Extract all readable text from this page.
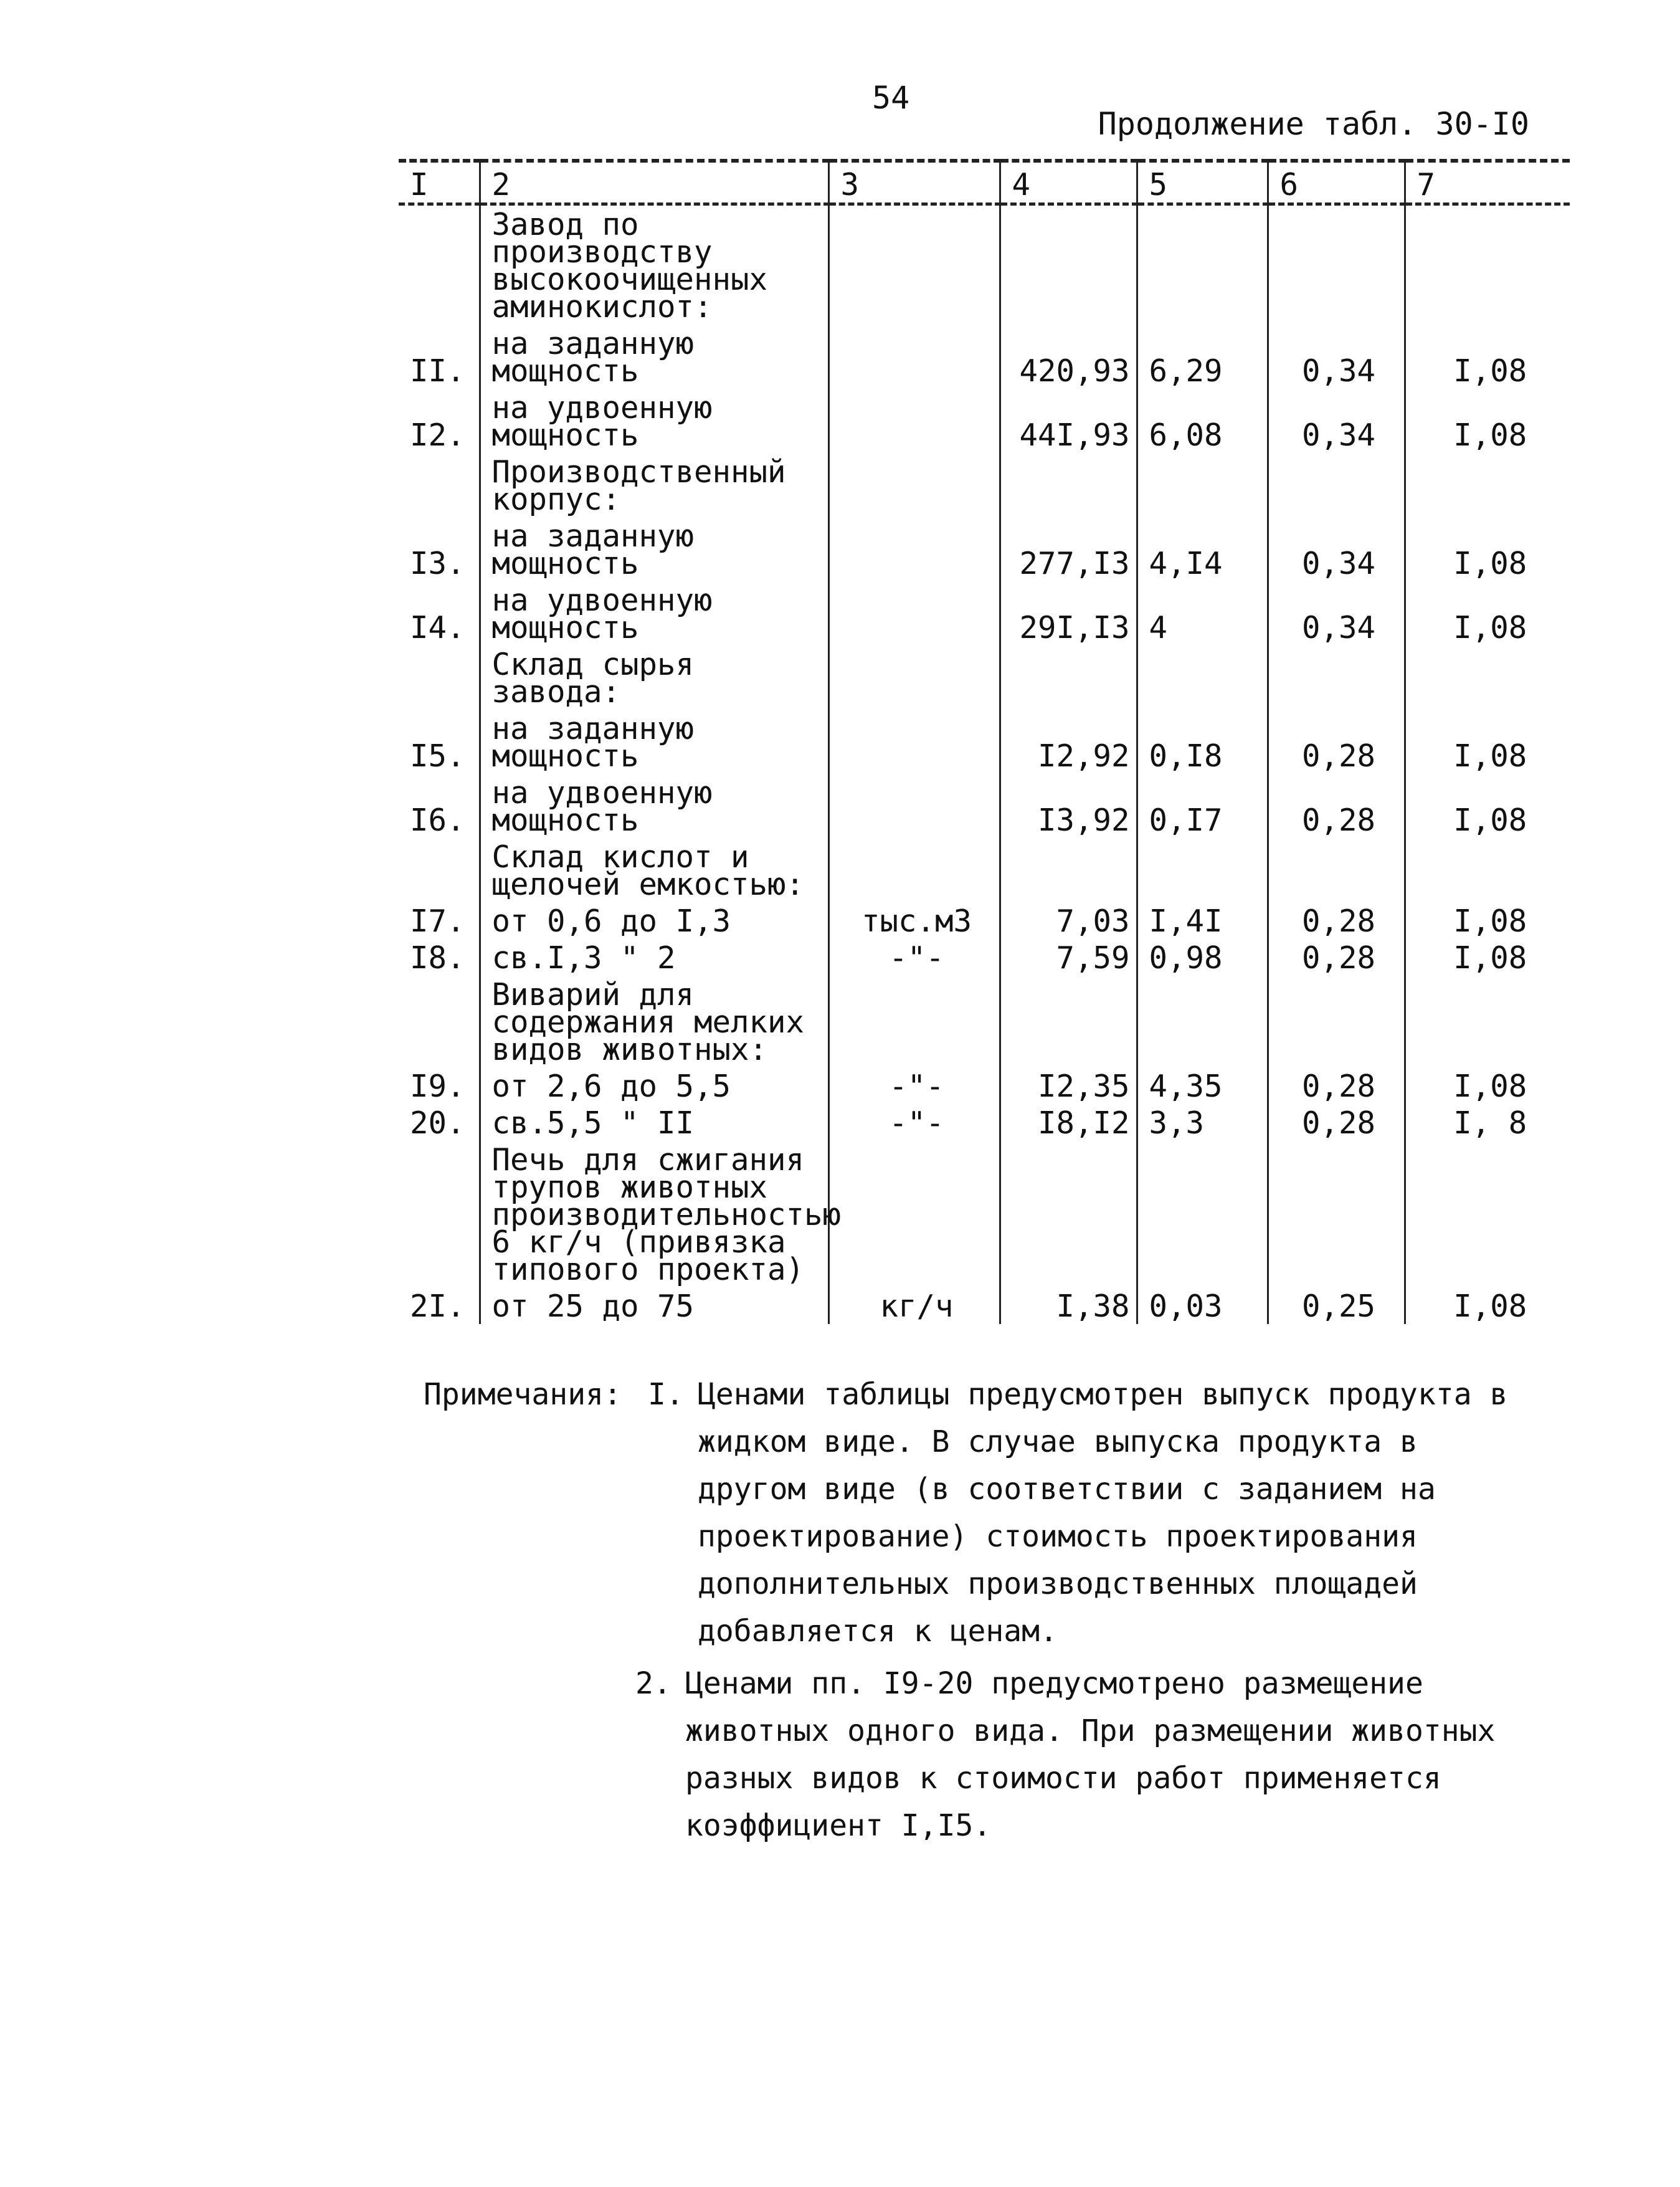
54
Продолжение табл. 30-I0
I	2	3	4	5	6	7
	Завод по производству высокоочищенных аминокислот:					
II.	на заданную мощность		420,93	6,29	0,34	I,08
I2.	на удвоенную мощность		44I,93	6,08	0,34	I,08
	Производственный корпус:					
I3.	на заданную мощность		277,I3	4,I4	0,34	I,08
I4.	на удвоенную мощность		29I,I3	4	0,34	I,08
	Склад сырья завода:					
I5.	на заданную мощность		I2,92	0,I8	0,28	I,08
I6.	на удвоенную мощность		I3,92	0,I7	0,28	I,08
	Склад кислот и щелочей емкостью:					
I7.	от 0,6 до I,3	тыс.м3	7,03	I,4I	0,28	I,08
I8.	св.I,3 " 2	-"-	7,59	0,98	0,28	I,08
	Виварий для содержания мелких видов животных:					
I9.	от 2,6 до 5,5	-"-	I2,35	4,35	0,28	I,08
20.	св.5,5 " II	-"-	I8,I2	3,3	0,28	I, 8
	Печь для сжигания трупов животных производительностью 6 кг/ч (привязка типового проекта)					
2I.	от 25 до 75	кг/ч	I,38	0,03	0,25	I,08
Примечания: I. Ценами таблицы предусмотрен выпуск продукта в жидком виде. В случае выпуска продукта в другом виде (в соответствии с заданием на проектирование) стоимость проектирования дополнительных производственных площадей добавляется к ценам.
2. Ценами пп. I9-20 предусмотрено размещение животных одного вида. При размещении животных разных видов к стоимости работ применяется коэффициент I,I5.
